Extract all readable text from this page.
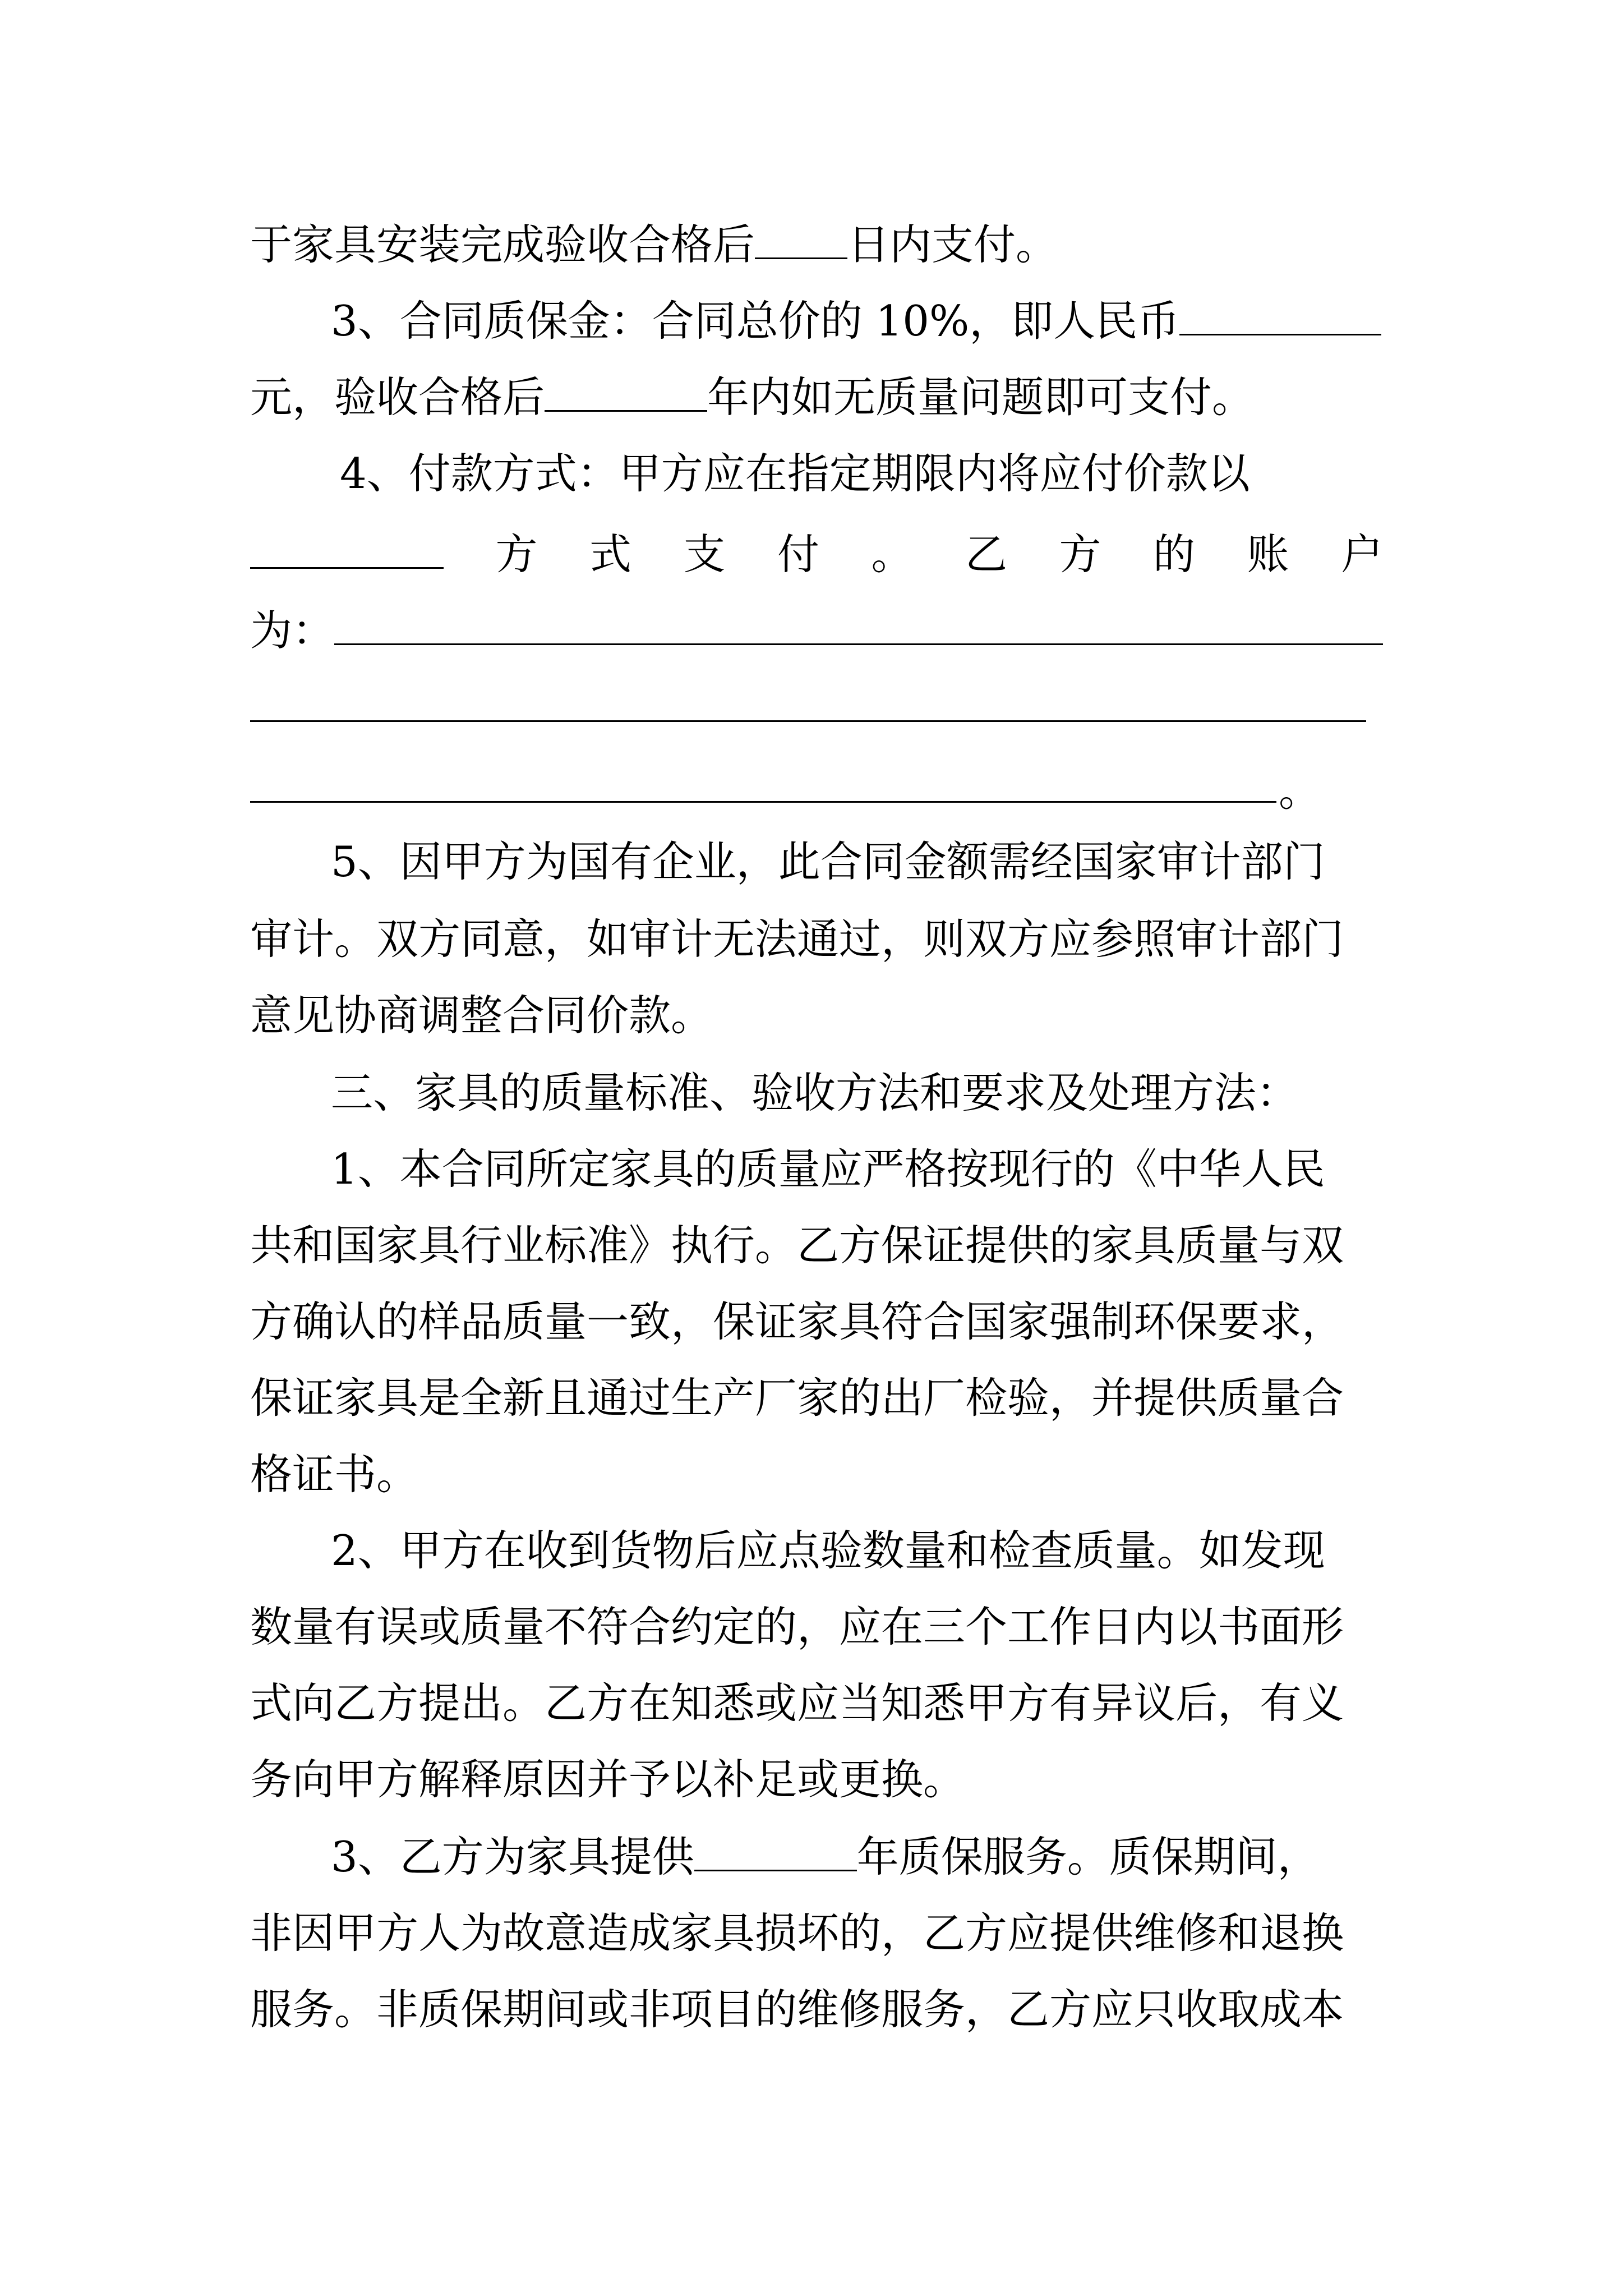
于家具安装完成验收合格后 日内支付。
3、合同质保金：合同总价的 10%，即人民币
元，验收合格后	年内如无质量问题即可支付。
4、付款方式：甲方应在指定期限内将应付价款以
方 式 支 付 。 乙 方 的 账 户
为：
。
5、因甲方为国有企业，此合同金额需经国家审计部门
审计。双方同意，如审计无法通过，则双方应参照审计部门
意见协商调整合同价款。
三、家具的质量标准、验收方法和要求及处理方法：
1、本合同所定家具的质量应严格按现行的《中华人民
共和国家具行业标准》执行。乙方保证提供的家具质量与双
方确认的样品质量一致，保证家具符合国家强制环保要求，
保证家具是全新且通过生产厂家的出厂检验，并提供质量合
格证书。
2、甲方在收到货物后应点验数量和检查质量。如发现
数量有误或质量不符合约定的，应在三个工作日内以书面形
式向乙方提出。乙方在知悉或应当知悉甲方有异议后，有义
务向甲方解释原因并予以补足或更换。
3、乙方为家具提供	年质保服务。质保期间，
非因甲方人为故意造成家具损坏的，乙方应提供维修和退换
服务。非质保期间或非项目的维修服务，乙方应只收取成本
